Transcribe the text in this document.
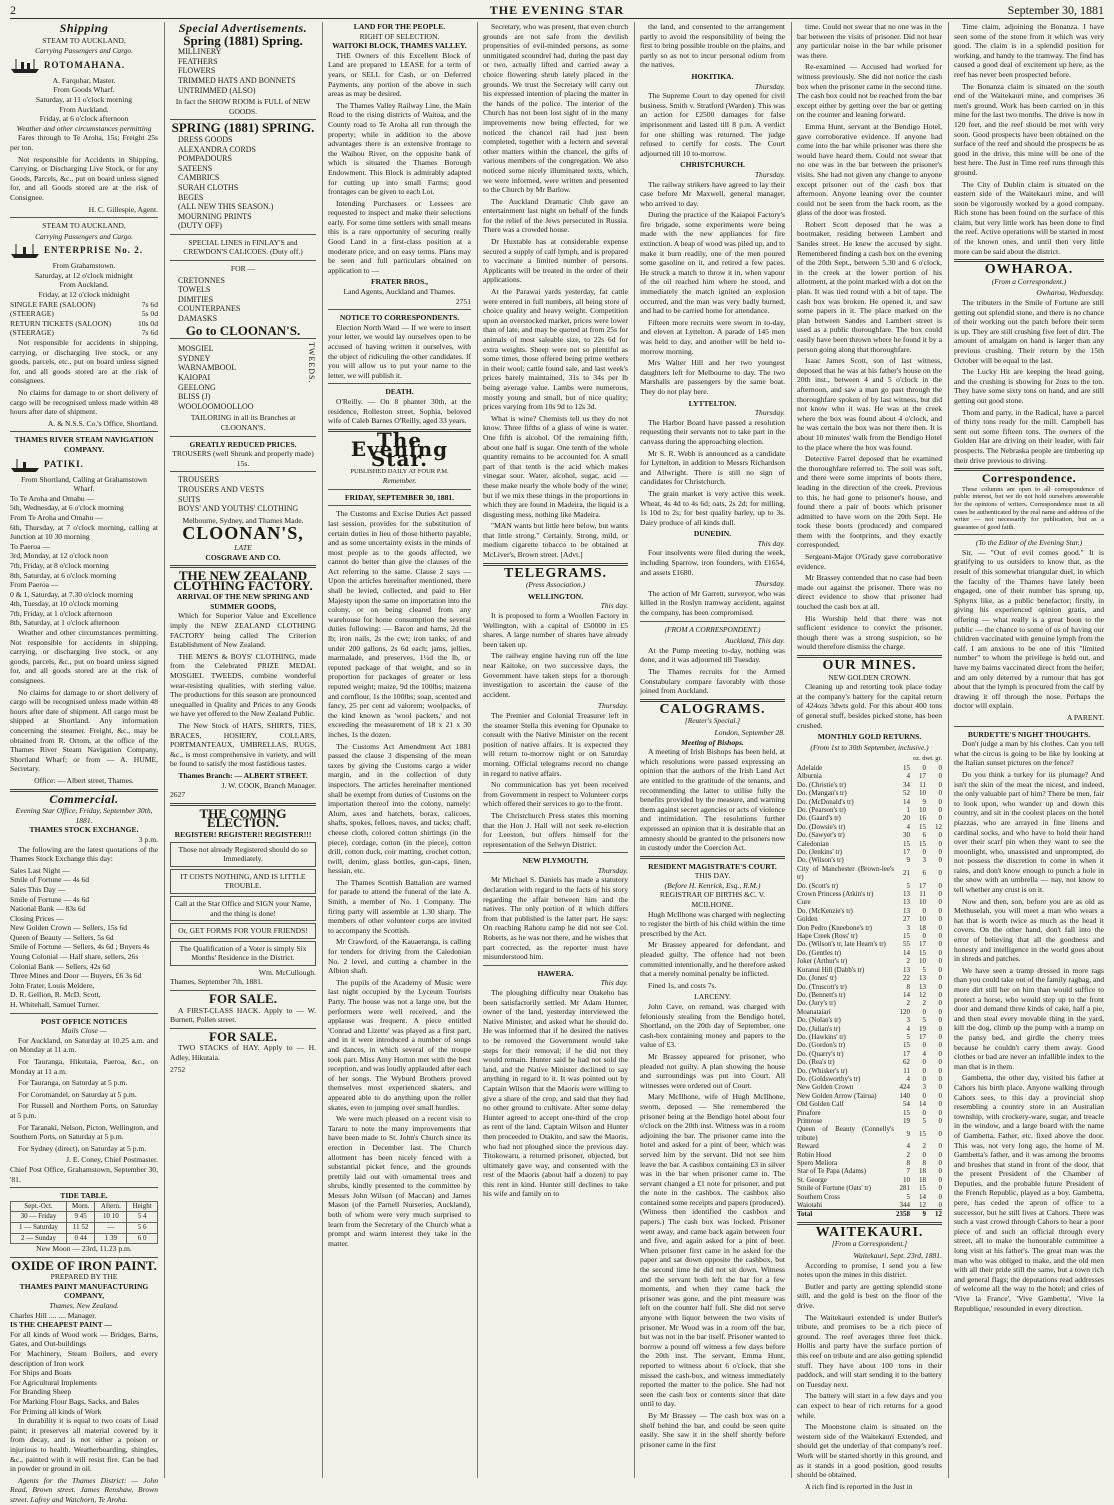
2	THE EVENING STAR	September 30, 1881
Shipping
STEAM TO AUCKLAND,
Carrying Passengers and Cargo.
ROTOMAHANA.
A. Farquhar, Master.
From Goods Wharf.
Saturday, at 11 o'clock morning
From Auckland.
Friday, at 6 o'clock afternoon
Weather and other circumstances permitting
Fares through to Te Aroha, 15s; Freight 25s per ton.
Not responsible for Accidents in Shipping, Carrying, or Discharging Live Stock, or for any Goods, Parcels, &c., put on board unless signed for, and all Goods stored are at the risk of Consignee.
H. C. Gillespie, Agent.
STEAM TO AUCKLAND,
Carrying Passengers and Cargo.
ENTERPRISE No. 2.
From Grahamstown.
Saturday, at 12 o'clock midnight
From Auckland.
Friday, at 12 o'clock midnight
SINGLE FARE (SALOON)	7s 6d
(STEERAGE)	5s 0d
RETURN TICKETS (SALOON)	10s 0d
(STEERAGE)	7s 6d
Not responsible for accidents in shipping, carrying, or discharging live stock, or any goods, parcels, etc., put on board unless signed for, and all goods stored are at the risk of consignees.
No claims for damage to or short delivery of cargo will be recognised unless made within 48 hours after date of shipment.
A. & N.S.S. Co.'s Office, Shortland.
THAMES RIVER STEAM NAVIGATION COMPANY.
PATIKI.
From Shortland, Calling at Grahamstown Wharf.
To Te Aroha and Omahu —
5th, Wednesday, at 6 o'clock morning
From Te Aroha and Omahu —
6th, Thursday, at 7 o'clock morning, calling at Junction at 10 30 morning
To Paeroa —
3rd, Monday, at 12 o'clock noon
7th, Friday, at 8 o'clock morning
8th, Saturday, at 6 o'clock morning
From Paeroa —
0 & 1, Saturday, at 7.30 o'clock morning
4th, Tuesday, at 10 o'clock morning
7th, Friday, at 1 o'clock afternoon
8th, Saturday, at 1 o'clock afternoon
Weather and other circumstances permitting. Not responsible for accidents in shipping, carrying, or discharging live stock, or any goods, parcels, &c., put on board unless signed for, and all goods stored are at the risk of consignees.
No claims for damage to or short delivery of cargo will be recognised unless made within 48 hours after date of shipment. All cargo must be shipped at Shortland. Any information concerning the steamer. Freight, &c., may be obtained from R. Ortom, at the office of the Thames River Steam Navigation Company, Shortland Wharf; or from — A. HUME, Secretary.
Office: — Albert street, Thames.
Commercial.
Evening Star Office, Friday, September 30th, 1881.
THAMES STOCK EXCHANGE.
3 p.m.
The following are the latest quotations of the Thames Stock Exchange this day:
Sales Last Night —
Smile of Fortune — 4s 6d
Sales This Day —
Smile of Fortune — 4s 6d
National Bank — 83s 6d
Closing Prices —
New Golden Crown — Sellers, 15s 6d
Queen of Beauty — Sellers, 5s 6d
Smile of Fortune — Sellers, 4s 6d ; Buyers 4s
Young Colonial — Half share, sellers, 26s
Colonial Bank — Sellers, 42s 6d
Three Mines and Door — Buyers, £6 3s 6d
John Frater, Louis Meldere,
D. R. Gellion, R. McD. Scott,
H. Whitehall, Samuel Turner.
POST OFFICE NOTICES
Mails Close —
For Auckland, on Saturday at 10.25 a.m. and on Monday at 11 a.m.
For Tauranga, Hikutaia, Paeroa, &c., on Monday at 11 a.m.
For Tauranga, on Saturday at 5 p.m.
For Coromandel, on Saturday at 5 p.m.
For Russell and Northern Ports, on Saturday at 5 p.m.
For Taranaki, Nelson, Picton, Wellington, and Southern Ports, on Saturday at 5 p.m.
For Sydney (direct), on Saturday at 5 p.m.
J. E. Coney, Chief Postmaster.
Chief Post Office, Grahamstown, September 30, '81.
TIDE TABLE.
Sept.-Oct.	Morn.	Aftern.	Height
30 — Friday	9 45	10 10	5 4
1 — Saturday	11 52	—	5 6
2 — Sunday	0 44	1 39	6 0
New Moon — 23rd, 11.23 p.m.
OXIDE OF IRON PAINT.
PREPARED BY THE
THAMES PAINT MANUFACTURING COMPANY,
Thames, New Zealand.
Charles Hill .... .... Manager.
IS THE CHEAPEST PAINT —
For all kinds of Wood work — Bridges, Barns, Gates, and Out-buildings
For Machinery, Steam Boilers, and every description of Iron work
For Ships and Boats
For Agricultural Implements
For Branding Sheep
For Marking Flour Bags, Sacks, and Bales
For Priming all kinds of Work
In durability it is equal to two coats of Lead paint; it preserves all material covered by it from decay, and is not either a poison or injurious to health. Weatherboarding, shingles, &c., painted with it will resist fire. Can be had in powder or ground in oil.
Agents for the Thames District: — John Read, Brown street. James Renshaw, Brown street. Lafrey and Watchorn, Te Aroha.
Special Advertisements.
Spring (1881) Spring.
MILLINERY
FEATHERS
FLOWERS
TRIMMED HATS AND BONNETS
UNTRIMMED (ALSO)
In fact the SHOW ROOM is FULL of NEW GOODS.
SPRING (1881) SPRING.
DRESS GOODS
ALEXANDRA CORDS
POMPADOURS
SATEENS
CAMBRICS
SURAH CLOTHS
BEGES
(ALL NEW THIS SEASON.)
MOURNING PRINTS
(DUTY OFF)
SPECIAL LINES in FINLAY'S and CREWDON'S CALICOES. (Duty off.)
FOR —
CRETONNES
TOWELS
DIMITIES
COUNTERPANES
DAMASKS
Go to CLOONAN'S.
MOSGIEL
SYDNEY
WARNAMBOOL
KAIOPAI
GEELONG
BLISS (J)
WOOLOOMOOLLOO
TWEEDS.
TAILORING in all its Branches at CLOONAN'S.
GREATLY REDUCED PRICES.
TROUSERS (well Shrunk and properly made) 15s.
TROUSERS
TROUSERS AND VESTS
SUITS
BOYS' AND YOUTHS' CLOTHING
Melbourne, Sydney, and Thames Made.
CLOONAN'S,
LATE
COSGRAVE AND CO.
THE NEW ZEALAND CLOTHING FACTORY.
ARRIVAL OF THE NEW SPRING AND SUMMER GOODS,
Which for Superior Value and Excellence imply the NEW ZEALAND CLOTHING FACTORY being called The Criterion Establishment of New Zealand.
THE MEN'S & BOYS' CLOTHING, made from the Celebrated PRIZE MEDAL MOSGIEL TWEEDS, combine wonderful wear-resisting qualities, with sterling value. The productions for this season are pronounced unequalled in Quality and Prices to any Goods we have yet offered to the New Zealand Public.
The New Stock of HATS, SHIRTS, TIES, BRACES, HOSIERY, COLLARS, PORTMANTEAUX, UMBRELLAS, RUGS, &c., is most comprehensive in variety, and will be found to satisfy the most fastidious tastes.
Thames Branch: — ALBERT STREET.
J. W. COOK, Branch Manager.
2627
THE COMING ELECTION.
REGISTER! REGISTER!! REGISTER!!!
Those not already Registered should do so Immediately.
IT COSTS NOTHING, AND IS LITTLE TROUBLE.
Call at the Star Office and SIGN your Name, and the thing is done!
Or, GET FORMS FOR YOUR FRIENDS!
The Qualification of a Voter is simply Six Months' Residence in the District.
Wm. McCullough.
Thames, September 7th, 1881.
FOR SALE.
A FIRST-CLASS HACK. Apply to — W. Burnett, Pollen street.
FOR SALE.
TWO STACKS of HAY. Apply to — H. Adley, Hikutaia.
2752
LAND FOR THE PEOPLE.
RIGHT OF SELECTION.
WAITOKI BLOCK, THAMES VALLEY.
THE Owners of this Excellent Block of Land are prepared to LEASE for a term of years, or SELL for Cash, or on Deferred Payments, any portion of the above in such areas as may be desired.
The Thames Valley Railway Line, the Main Road to the rising districts of Waitoa, and the County road to Te Aroha all run through the property; while in addition to the above advantages there is an extensive frontage to the Waihou River, on the opposite bank of which is situated the Thames Borough Endowment. This Block is admirably adapted for cutting up into small Farms; good frontages can be given to each Lot.
Intending Purchasers or Lessees are requested to inspect and make their selections early. For some time settlers with small means this is a rare opportunity of securing really Good Land in a first-class position at a moderate price, and on easy terms. Plans may be seen and full particulars obtained on application to —
FRATER BROS.,
Land Agents, Auckland and Thames.
2751
NOTICE TO CORRESPONDENTS.
Election North Ward — If we were to insert your letter, we would lay ourselves open to be accused of having written it ourselves, with the object of ridiculing the other candidates. If you will allow us to put your name to the letter, we will publish it.
DEATH.
O'Reilly. — On 8 phanter 30th, at the residence, Rolleston street, Sophia, beloved wife of Caleb Barnes O'Reilly, aged 33 years.
The Evening Star.
PUBLISHED DAILY AT FOUR P.M.
Remember.
FRIDAY, SEPTEMBER 30, 1881.
The Customs and Excise Duties Act passed last session, provides for the substitution of certain duties in lieu of those hitherto payable, and as some uncertainty exists in the minds of most people as to the goods affected, we cannot do better than give the clauses of the Act referring to the same. Clause 2 says — Upon the articles hereinafter mentioned, there shall be levied, collected, and paid to Her Majesty upon the same on importation into the colony, or on being cleared from any warehouse for home consumption the several duties following: — Bacon and hams, 2d the lb; iron nails, 2s the cwt; iron tanks, of and under 200 gallons, 2s 6d each; jams, jellies, marmalade, and preserves, 1½d the lb, or reputed package of that weight, and so in proportion for packages of greater or less reputed weight; maize, 9d the 100lbs; maizena and cornflour, 1s the 100lbs; soap, scented and fancy, 25 per cent ad valorem; woolpacks, of the kind known as 'wool packets,' and not exceeding the measurement of 18 x 21 x 30 inches, 1s the dozen.
The Customs Act Amendment Act 1881 passed the clause 3 dispensing of the mean taxes by giving the Customs cargo a wider margin, and in the collection of duty inspectors. The articles hereinafter mentioned shall be exempt from duties of Customs on the importation thereof into the colony, namely: Alum, axes and hatchets, borax, calicoes, shafts, spokes, felloes, naves, and tacks; chaff, cheese cloth, colored cotton shirtings (in the piece), cordage, cotton (in the piece), cotton drill, cotton duck, coir matting, crochet cotton, twill, denim, glass bottles, gun-caps, linen, hessian, etc.
The Thames Scottish Battalion are warned for parade to attend the funeral of the late A. Smith, a member of No. 1 Company. The firing party will assemble at 1.30 sharp. The members of other volunteer corps are invited to accompany the Scottish.
Mr Crawford, of the Kauaeranga, is calling for tenders for driving from the Caledonian No. 2 level, and cutting a chamber in the Albion shaft.
The pupils of the Academy of Music were last night occupied by the Lyceum Tourists Party. The house was not a large one, but the performers were well received, and the applause was frequent. A piece entitled 'Conrad and Lizette' was played as a first part, and in it were introduced a number of songs and dances, in which several of the troupe took part. Miss Amy Horton met with the best reception, and was loudly applauded after each of her songs. The Wyburd Brothers proved themselves most experienced skaters, and appeared able to do anything upon the roller skates, even to jumping over small hurdles.
We were much pleased on a recent visit to Tararu to note the many improvements that have been made to St. John's Church since its erection in December last. The Church allotment has been nicely fenced with a substantial picket fence, and the grounds prettily laid out with ornamental trees and shrubs, kindly presented to the committee by Messrs John Wilson (of Maccan) and James Mason (of the Parnell Nurseries, Auckland), both of whom were very much surprised to learn from the Secretary of the Church what a prompt and warm interest they take in the matter.
Secretary, who was present, that even church grounds are not safe from the devilish propensities of evil-minded persons, as some unmitigated scoundrel had, during the past day or two, actually lifted and carried away a choice flowering shrub lately placed in the grounds. We trust the Secretary will carry out his expressed intention of placing the matter in the hands of the police. The interior of the Church has not been lost sight of in the many improvements now being effected, for we noticed the chancel rail had just been completed, together with a lectern and several other matters within the chancel, the gifts of various members of the congregation. We also noticed some nicely illuminated texts, which, we were informed, were written and presented to the Church by Mr Barlow.
The Auckland Dramatic Club gave an entertainment last night on behalf of the funds for the relief of the Jews persecuted in Russia. There was a crowded house.
Dr Huxtable has at considerable expense secured a supply of calf lymph, and is prepared to vaccinate a limited number of persons. Applicants will be treated in the order of their applications.
At the Parawai yards yesterday, fat cattle were entered in full numbers, all being store of choice quality and heavy weight. Competition upon an overstocked market, prices were lower than of late, and may be quoted at from 25s for animals of most saleable size, to 22s 6d for extra weights. Sheep were not so plentiful as some times, those offered being prime wethers in their wool; cattle found sale, and last week's prices barely maintained, 31s to 34s per lb being average value. Lambs were numerous, mostly young and small, but of nice quality; prices varying from 10s 9d to 12s 3d.
What is wine? Chemists tell us they do not know. Three fifths of a glass of wine is water. One fifth is alcohol. Of the remaining fifth, about one half is sugar. One tenth of the whole quantity remains to be accounted for. A small part of that tenth is the acid which makes vinegar sour. Water, alcohol, sugar, acid — these make nearly the whole body of the wine; but if we mix these things in the proportions in which they are found in Madeira, the liquid is a disgusting mess, nothing like Madeira.
"MAN wants but little here below, but wants that little strong." Certainly. Strong, mild, or medium cigarette tobacco to be obtained at McLiver's, Brown street. [Advt.]
TELEGRAMS.
(Press Association.)
WELLINGTON.
This day.
It is proposed to form a Woollen Factory in Wellington, with a capital of £50000 in £5 shares. A large number of shares have already been taken up.
The railway engine having run off the line near Kaitoke, on two successive days, the Government have taken steps for a thorough investigation to ascertain the cause of the accident.
Thursday.
The Premier and Colonial Treasurer left in the steamer Stella this evening for Opunake to consult with the Native Minister on the recent position of native affairs. It is expected they will return to-morrow night or on Saturday morning. Official telegrams record no change in regard to native affairs.
No communication has yet been received from Government in respect to Volunteer corps which offered their services to go to the front.
The Christchurch Press states this morning that the Hon J. Hall will not seek re-election for Leeston, but offers himself for the representation of the Selwyn District.
NEW PLYMOUTH.
Thursday.
Mr Michael S. Daniels has made a statutory declaration with regard to the facts of his story regarding the affair between him and the natives. The only portion of it which differs from that published is the latter part. He says: On reaching Rahotu camp he did not see Col. Roberts, as he was not there, and he wishes that part corrected, as the reporter must have misunderstood him.
HAWERA.
This day.
The ploughing difficulty near Otakeho has been satisfactorily settled. Mr Adam Hunter, owner of the land, yesterday interviewed the Native Minister, and asked what he should do. He was informed that if he desired the natives to be removed the Government would take steps for their removal; if he did not they would remain. Hunter said he had not sold the land, and the Native Minister declined to say anything in regard to it. It was pointed out by Captain Wilson that the Maoris were willing to give a share of the crop, and said that they had no other ground to cultivate. After some delay Hunter agreed to accept one-third of the crop as rent of the land. Captain Wilson and Hunter then proceeded to Otakito, and saw the Maoris, who had not ploughed since the previous day. Titokowaru, a returned prisoner, objected, but ultimately gave way, and consented with the rest of the Maoris (about half a dozen) to pay this rent in kind. Hunter still declines to take his wife and family on to
the land, and consented to the arrangement partly to avoid the responsibility of being the first to bring possible trouble on the plains, and partly so as not to incur personal odium from the natives.
HOKITIKA.
Thursday.
The Supreme Court to day opened for civil business. Smith v. Stratford (Warden). This was an action for £2500 damages for false imprisonment and lasted till 8 p.m. A verdict for one shilling was returned. The judge refused to certify for costs. The Court adjourned till 10 to-morrow.
CHRISTCHURCH.
Thursday.
The railway strikers have agreed to lay their case before Mr Maxwell, general manager, who arrived to day.
During the practice of the Kaiapoi Factory's fire brigade, some experiments were being made with the new appliances for fire extinction. A heap of wood was piled up, and to make it burn readily, one of the men poured some gasoline on it, and retired a few paces. He struck a match to throw it in, when vapour of the oil reached him where he stood, and immediately the match ignited an explosion occurred, and the man was very badly burned, and had to be carried home for attendance.
Fifteen more recruits were sworn in to-day, and eleven at Lyttelton. A parade of 145 men was held to day, and another will be held to-morrow morning.
Mrs Walter Hill and her two youngest daughters left for Melbourne to day. The two Marshalls are passengers by the same boat. They do not play here.
LYTTELTON.
Thursday.
The Harbor Board have passed a resolution requesting their servants not to take part in the canvass during the approaching election.
Mr S. R. Webb is announced as a candidate for Lyttelton, in addition to Messrs Richardson and Allwright. There is still no sign of candidates for Christchurch.
The grain market is very active this week. Wheat, 4s 4d to 4s 6d; oats, 2s 2d; for milling, 1s 10d to 2s; for best quality barley, up to 3s. Dairy produce of all kinds dull.
DUNEDIN.
This day.
Four insolvents were filed during the week, including Sparrow, iron founders, with £1654, and assets £1680.
Thursday.
The action of Mr Garrett, surveyor, who was killed in the Roslyn tramway accident, against the company, has been compromised.
(FROM A CORRESPONDENT.)
Auckland, This day.
At the Pump meeting to-day, nothing was done, and it was adjourned till Tuesday.
The Thames recruits for the Armed Constabulary compare favorably with those joined from Auckland.
CALOGRAMS.
[Reuter's Special.]
London, September 28.
Meeting of Bishops.
A meeting of Irish Bishops has been held, at which resolutions were passed expressing an opinion that the authors of the Irish Land Act are entitled to the gratitude of the tenants, and recommending the latter to utilise fully the benefits provided by the measure, and warning them against secret agencies or acts of violence and intimidation. The resolutions further expressed an opinion that it is desirable that an amnesty should be granted to the prisoners now in custody under the Coercion Act.
RESIDENT MAGISTRATE'S COURT.
THIS DAY.
(Before H. Kenrick, Esq., R.M.)
REGISTRAR OF BIRTHS &C. V. MCILHONE.
Hugh McIlhone was charged with neglecting to register the birth of his child within the time prescribed by the Act.
Mr Brassey appeared for defendant, and pleaded guilty. The offence had not been committed intentionally, and he therefore asked that a merely nominal penalty be inflicted.
Fined 1s, and costs 7s.
LARCENY.
John Cave, on remand, was charged with feloniously stealing from the Bendigo hotel, Shortland, on the 20th day of September, one cash-box containing money and papers to the value of £3.
Mr Brassey appeared for prisoner, who pleaded not guilty. A plan showing the house and surroundings was put into Court. All witnesses were ordered out of Court.
Mary McIlhone, wife of Hugh McIlhone, sworn, deposed — She remembered the prisoner being at the Bendigo hotel about four o'clock on the 20th inst. Witness was in a room adjoining the bar. The prisoner came into the hotel and asked for a pint of beer, which was served him by the servant. Did not see him leave the bar. A cashbox containing £3 in silver was in the bar when prisoner came in. The servant changed a £1 note for prisoner, and put the note in the cashbox. The cashbox also contained some receipts and papers (produced). (Witness then identified the cashbox and papers.) The cash box was locked. Prisoner went away, and came back again between four and five, and again asked for a pint of beer. When prisoner first came in he asked for the paper and sat down opposite the cashbox, but the second time he did not sit down. Witness and the servant both left the bar for a few moments, and when they came back the prisoner was gone, and the pint measure was left on the counter half full. She did not serve anyone with liquor between the two visits of prisoner. Mr Wood was in a room off the bar, but was not in the bar itself. Prisoner wanted to borrow a pound off witness a few days before the 20th inst. The servant, Emma Hunt, reported to witness about 6 o'clock, that she missed the cash-box, and witness immediately reported the matter to the police. She had not seen the cash box or contents since that date until to day.
By Mr Brassey — The cash box was on a shelf behind the bar, and could be seen quite easily. She saw it in the shelf shortly before prisoner came in the first
time. Could not swear that no one was in the bar between the visits of prisoner. Did not hear any particular noise in the bar while prisoner was there.
Re-examined — Accused had worked for witness previously. She did not notice the cash box when the prisoner came in the second time. The cash box could not be reached from the bar except either by getting over the bar or getting on the counter and leaning forward.
Emma Hunt, servant at the Bendigo Hotel, gave corroborative evidence. If anyone had come into the bar while prisoner was there she would have heard them. Could not swear that no one was in the bar between the prisoner's visits. She had not given any change to anyone except prisoner out of the cash box that afternoon. Anyone leaning over the counter could not be seen from the back room, as the glass of the door was frosted.
Robert Scott deposed that he was a bootmaker, residing between Lambert and Sandes street. He knew the accused by sight. Remembered finding a cash box on the evening of the 20th Sept., between 5.30 and 6 o'clock, in the creek at the lower portion of his allotment, at the point marked with a dot on the plan. It was tied round with a bit of tape. The cash box was broken. He opened it, and saw some papers in it. The place marked on the plan between Sandes and Lambert street is used as a public thoroughfare. The box could easily have been thrown where he found it by a person going along that thoroughfare.
Isaac James Scott, son of last witness, deposed that he was at his father's house on the 20th inst., between 4 and 5 o'clock in the afternoon, and saw a man go past through the thoroughfare spoken of by last witness, but did not know who it was. He was at the creek where the box was found about 4 o'clock, and he was certain the box was not there then. It is about 10 minutes' walk from the Bendigo Hotel to the place where the box was found.
Detective Farrel deposed that he examined the thoroughfare referred to. The soil was soft, and there were some imprints of boots there, leading in the direction of the creek. Previous to this, he had gone to prisoner's house, and found there a pair of boots which prisoner admitted to have worn on the 20th Sept. He took these boots (produced) and compared them with the footprints, and they exactly corresponded.
Sergeant-Major O'Grady gave corroborative evidence.
Mr Brassey contended that no case had been made out against the prisoner. There was no direct evidence to show that prisoner had touched the cash box at all.
His Worship held that there was not sufficient evidence to convict the prisoner, though there was a strong suspicion, so he would therefore dismiss the charge.
OUR MINES.
NEW GOLDEN CROWN.
Cleaning up and retorting took place today at the company's battery for the capital return of 424ozs 3dwts gold. For this about 400 tons of general stuff, besides picked stone, has been crushed.
MONTHLY GOLD RETURNS.
(From 1st to 30th September, inclusive.)
oz. dwt. gr.
Adelaide	15	0	0
Alburnia	4	17	0
Do. (Christie's tr)	34	11	0
Do. (Mangan's tr)	52	10	0
Do. (McDonald's tr)	14	9	0
Do. (Pearson's tr)	1	10	0
Do. (Gaard's tr)	20	16	0
Do. (Dowsie's tr)	4	15	12
Do. (Sawyer's tr)	30	6	0
Caledonian	15	15	0
Do. (Jenkins' tr)	17	0	0
Do. (Wilson's tr)	9	3	0
City of Manchester (Brown-lee's tr)	21	6	0
Do. (Scott's tr)	5	17	0
Crown Princess (Atkin's tr)	13	11	0
Cure	13	10	0
Do. (McKenzie's tr)	13	0	0
Golden	27	10	0
Don Pedro (Kneebone's tr)	3	18	0
Hape Creek (Ross' tr)	15	0	0
Do. (Wilson's tr, late Hearn's tr)	55	17	0
Do. (Gentles tr)	14	15	0
Joker (Arthur's tr)	2	10	0
Kuranui Hill (Dabb's tr)	13	5	0
Do. (Jones' tr)	22	13	0
Do. (Truscott's tr)	8	13	0
Do. (Bennett's tr)	14	12	0
Do. (Jury's tr)	2	2	0
Moanataiari	120	0	0
Do. (Nolan's tr)	3	5	0
Do. (Julian's tr)	4	19	0
Do. (Hawkins' tr)	5	17	0
Do. (Gordon's tr)	15	0	0
Do. (Quarry's tr)	17	4	0
Do. (Rea's tr)	62	0	0
Do. (Whisker's tr)	11	0	0
Do. (Goldsworthy's tr)	4	0	0
New Golden Crown	424	3	0
New Golden Arrow (Tairua)	140	0	0
Old Golden Calf	54	14	0
Pinafore	15	0	0
Primrose	19	5	0
Queen of Beauty (Connelly's tribute)	9	15	0
Reward	4	2	0
Robin Hood	2	0	0
Spero Meliora	8	8	0
Star of Te Papa (Adams)	7	18	0
St. George	10	18	0
Smile of Fortune (Oats' tr)	281	15	0
Southern Cross	5	14	0
Waiotahi	344	12	0
Total	2358	9	12
WAITEKAURI.
[From a Correspondent.]
Waitekauri, Sept. 23rd, 1881.
According to promise, I send you a few notes upon the mines in this district.
Butler and party are getting splendid stone still, and the gold is best on the floor of the drive.
The Waitekauri extended is under Butler's tribute, and promises to be a rich piece of ground. The reef averages three feet thick. Hollis and party have the surface portion of this reef on tribute and are also getting splendid stuff. They have about 100 tons in their paddock, and will start sending it to the battery on Tuesday next.
The battery will start in a few days and you can expect to hear of rich returns for a good while.
The Moonstone claim is situated on the western side of the Waitekauri Extended, and should get the underlay of that company's reef. Work will be started shortly in this ground, and as it stands in a good position, good results should be obtained.
A rich find is reported in the Just in
Time claim, adjoining the Bonanza. I have seen some of the stone from it which was very good. The claim is in a splendid position for working, and handy to the tramway. The find has caused a good deal of excitement up here, as the reef has never been prospected before.
The Bonanza claim is situated on the south end of the Waitekauri mine, and comprises 36 men's ground. Work has been carried on in this mine for the last two months. The drive is now in 120 feet, and the reef should be met with very soon. Good prospects have been obtained on the surface of the reef and should the prospects be as good in the drive, this mine will be one of the best here. The Just in Time reef runs through this ground.
The City of Dublin claim is situated on the eastern side of the Waitekauri mine, and will soon be vigorously worked by a good company. Rich stone has been found on the surface of this claim, but very little work has been done to find the reef. Active operations will be started in most of the known ones, and until then very little more can be said about the district.
OWHAROA.
(From a Correspondent.)
Owharoa, Wednesday.
The tributers in the Smile of Fortune are still getting out splendid stone, and there is no chance of their working out the patch before their term is up. They are still crushing five feet of dirt. The amount of amalgam on hand is larger than any previous crushing. Their return by the 15th October will be equal to the last.
The Lucky Hit are keeping the head going, and the crushing is showing for 2ozs to the ton. They have some sixty tons on hand, and are still getting out good stone.
Thom and party, in the Radical, have a parcel of thirty tons ready for the mill. Campbell has sent out some fifteen tons. The owners of the Golden Hat are driving on their leader, with fair prospects. The Nebraska people are timbering up their drive previous to driving.
Correspondence.
These columns are open to all correspondence of public interest, but we do not hold ourselves answerable for the opinions of writers. Correspondence must in all cases be authenticated by the real name and address of the writer — not necessarily for publication, but as a guarantee of good faith.
(To the Editor of the Evening Star.)
Sir, — "Out of evil comes good." It is gratifying to us outsiders to know that, as the result of this somewhat triangular duel, in which the faculty of the Thames have lately been engaged, one of their number has sprung up, Sphynx like, as a public benefactor; firstly, in giving his experienced opinion gratis, and offering — what really is a great boon to the public — the chance to some of us of having our children vaccinated with genuine lymph from the calf. I am anxious to be one of this "limited number" to whom the privilege is held out, and have my bairns vaccinated direct from the heifer; and am only deterred by a rumour that has got about that the lymph is procured from the calf by drawing it off through the nose. Perhaps the doctor will explain.
A PARENT.
BURDETTE'S NIGHT THOUGHTS.
Don't judge a man by his clothes. Can you tell what the circus is going to be like by looking at the Italian sunset pictures on the fence?
Do you think a turkey for its plumage? And isn't the skin of the meat the nicest, and indeed, the only valuable part of him? There be men, fair to look upon, who wander up and down this country, and sit in the coolest places on the hotel piazzas, who are arrayed in fine linens and cardinal socks, and who have to hold their hand over their scarf pin when they want to see the moonlight, who, unassisted and unprompted, do not possess the discretion to come in when it rains, and don't know enough to punch a hole in the snow with an umbrella — nay, not know to tell whether any crust is on it.
Now and then, son, before you are as old as Methuselah, you will meet a man who wears a hat that is worth twice as much as the head it covers. On the other hand, don't fall into the error of believing that all the goodness and honesty and intelligence in the world goes about in shreds and patches.
We have seen a tramp dressed in more rags than you could take out of the family ragbag, and more dirt still her on him than would suffice to protect a horse, who would step up to the front door and demand three kinds of cake, half a pie, and then steal every movable thing in the yard, kill the dog, climb up the pump with a tramp on the pansy bed, and girdle the cherry trees because he couldn't carry them away. Good clothes or bad are never an infallible index to the man that is in them.
Gambetta, the other day, visited his father at Cahors his birth place. Anyone walking through Cahors sees, to this day a provincial shop resembling a country store in an Australian township, with crockery-ware, sugar, and treacle in the window, and a large board with the name of Gambetta, Father, etc. fixed above the door. This was, not very long ago, the home of M. Gambetta's father, and it was among the brooms and brushes that stand in front of the door, that the present President of the Chamber of Deputies, and the probable future President of the French Republic, played as a boy. Gambetta, pere, has ceded the apron of office to a successor, but he still lives at Cahors. There was such a vast crowd through Cahors to hear a poor piece of and such an official through every street, all to make the honourable committee a long visit at his father's. The great man was the man who was obliged to make, and the old men with all their pride still the same, but a town rich and general flags; the deputations read addresses of welcome all the way to the hotel; and cries of 'Vive la France', 'Vive Gambetta', 'Vive la Republique,' resounded in every direction.
